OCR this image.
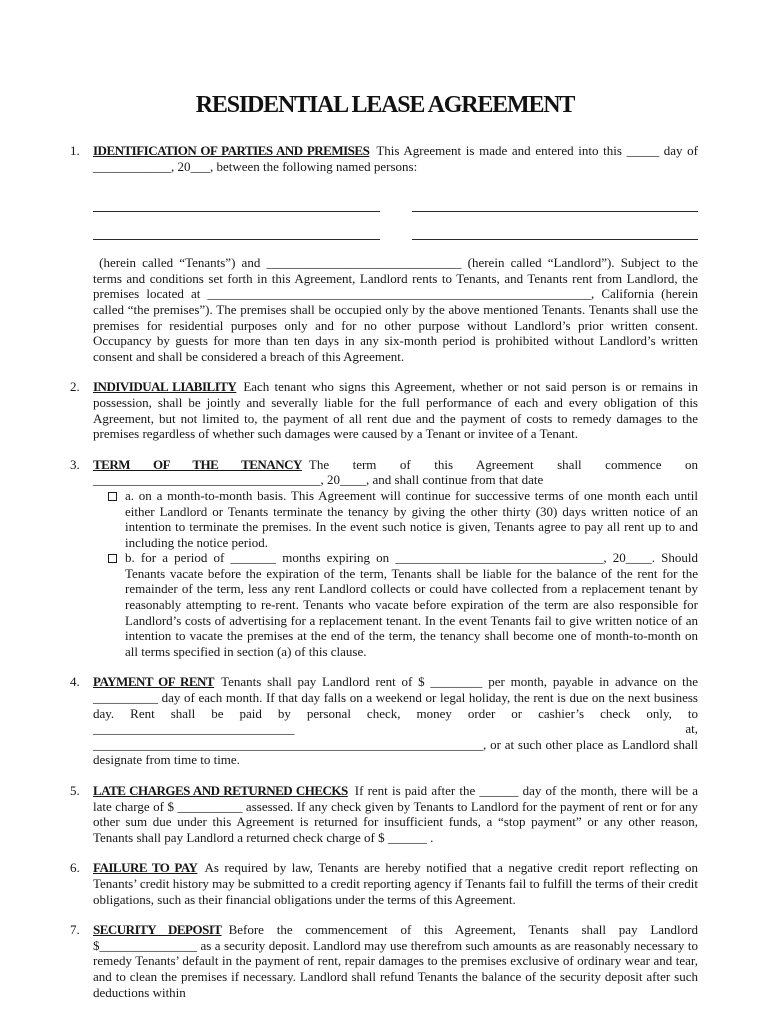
RESIDENTIAL LEASE AGREEMENT
1.	IDENTIFICATION OF PARTIES AND PREMISES This Agreement is made and entered into this _____ day of ____________, 20___, between the following named persons:
(herein called “Tenants”) and ______________________________ (herein called “Landlord”). Subject to the terms and conditions set forth in this Agreement, Landlord rents to Tenants, and Tenants rent from Landlord, the premises located at ___________________________________________________________, California (herein called “the premises”). The premises shall be occupied only by the above mentioned Tenants. Tenants shall use the premises for residential purposes only and for no other purpose without Landlord’s prior written consent. Occupancy by guests for more than ten days in any six-month period is prohibited without Landlord’s written consent and shall be considered a breach of this Agreement.
2.	INDIVIDUAL LIABILITY Each tenant who signs this Agreement, whether or not said person is or remains in possession, shall be jointly and severally liable for the full performance of each and every obligation of this Agreement, but not limited to, the payment of all rent due and the payment of costs to remedy damages to the premises regardless of whether such damages were caused by a Tenant or invitee of a Tenant.
3.	TERM OF THE TENANCY The term of this Agreement shall commence on ___________________________________, 20____, and shall continue from that date
a. on a month-to-month basis. This Agreement will continue for successive terms of one month each until either Landlord or Tenants terminate the tenancy by giving the other thirty (30) days written notice of an intention to terminate the premises. In the event such notice is given, Tenants agree to pay all rent up to and including the notice period.
b. for a period of _______ months expiring on ________________________________, 20____. Should Tenants vacate before the expiration of the term, Tenants shall be liable for the balance of the rent for the remainder of the term, less any rent Landlord collects or could have collected from a replacement tenant by reasonably attempting to re-rent. Tenants who vacate before expiration of the term are also responsible for Landlord’s costs of advertising for a replacement tenant. In the event Tenants fail to give written notice of an intention to vacate the premises at the end of the term, the tenancy shall become one of month-to-month on all terms specified in section (a) of this clause.
4.	PAYMENT OF RENT Tenants shall pay Landlord rent of $ ________ per month, payable in advance on the __________ day of each month. If that day falls on a weekend or legal holiday, the rent is due on the next business day. Rent shall be paid by personal check, money order or cashier’s check only, to _______________________________ at, ____________________________________________________________, or at such other place as Landlord shall designate from time to time.
5.	LATE CHARGES AND RETURNED CHECKS If rent is paid after the ______ day of the month, there will be a late charge of $ __________ assessed. If any check given by Tenants to Landlord for the payment of rent or for any other sum due under this Agreement is returned for insufficient funds, a “stop payment” or any other reason, Tenants shall pay Landlord a returned check charge of $ ______ .
6.	FAILURE TO PAY As required by law, Tenants are hereby notified that a negative credit report reflecting on Tenants’ credit history may be submitted to a credit reporting agency if Tenants fail to fulfill the terms of their credit obligations, such as their financial obligations under the terms of this Agreement.
7.	SECURITY DEPOSIT Before the commencement of this Agreement, Tenants shall pay Landlord $_______________ as a security deposit. Landlord may use therefrom such amounts as are reasonably necessary to remedy Tenants’ default in the payment of rent, repair damages to the premises exclusive of ordinary wear and tear, and to clean the premises if necessary. Landlord shall refund Tenants the balance of the security deposit after such deductions within
